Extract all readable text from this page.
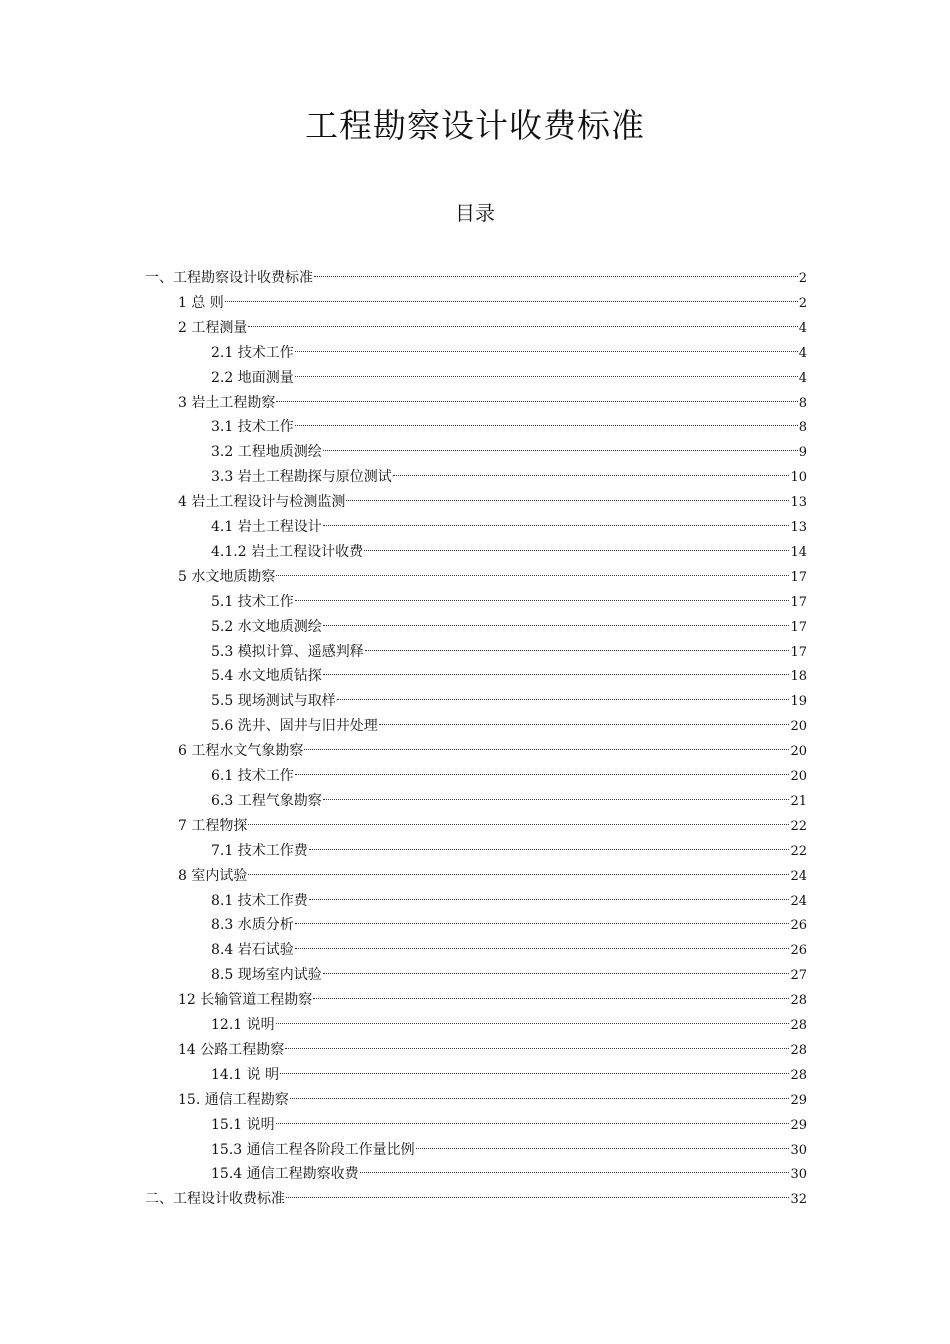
工程勘察设计收费标准
目录
一、工程勘察设计收费标准	2
1 总 则	2
2 工程测量	4
2.1 技术工作	4
2.2 地面测量	4
3 岩土工程勘察	8
3.1 技术工作	8
3.2 工程地质测绘	9
3.3 岩土工程勘探与原位测试	10
4 岩土工程设计与检测监测	13
4.1 岩土工程设计	13
4.1.2 岩土工程设计收费	14
5 水文地质勘察	17
5.1 技术工作	17
5.2 水文地质测绘	17
5.3 模拟计算、遥感判释	17
5.4 水文地质钻探	18
5.5 现场测试与取样	19
5.6 洗井、固井与旧井处理	20
6 工程水文气象勘察	20
6.1 技术工作	20
6.3 工程气象勘察	21
7 工程物探	22
7.1 技术工作费	22
8 室内试验	24
8.1 技术工作费	24
8.3 水质分析	26
8.4 岩石试验	26
8.5 现场室内试验	27
12 长输管道工程勘察	28
12.1 说明	28
14 公路工程勘察	28
14.1 说 明	28
15. 通信工程勘察	29
15.1 说明	29
15.3 通信工程各阶段工作量比例	30
15.4 通信工程勘察收费	30
二、工程设计收费标准	32
